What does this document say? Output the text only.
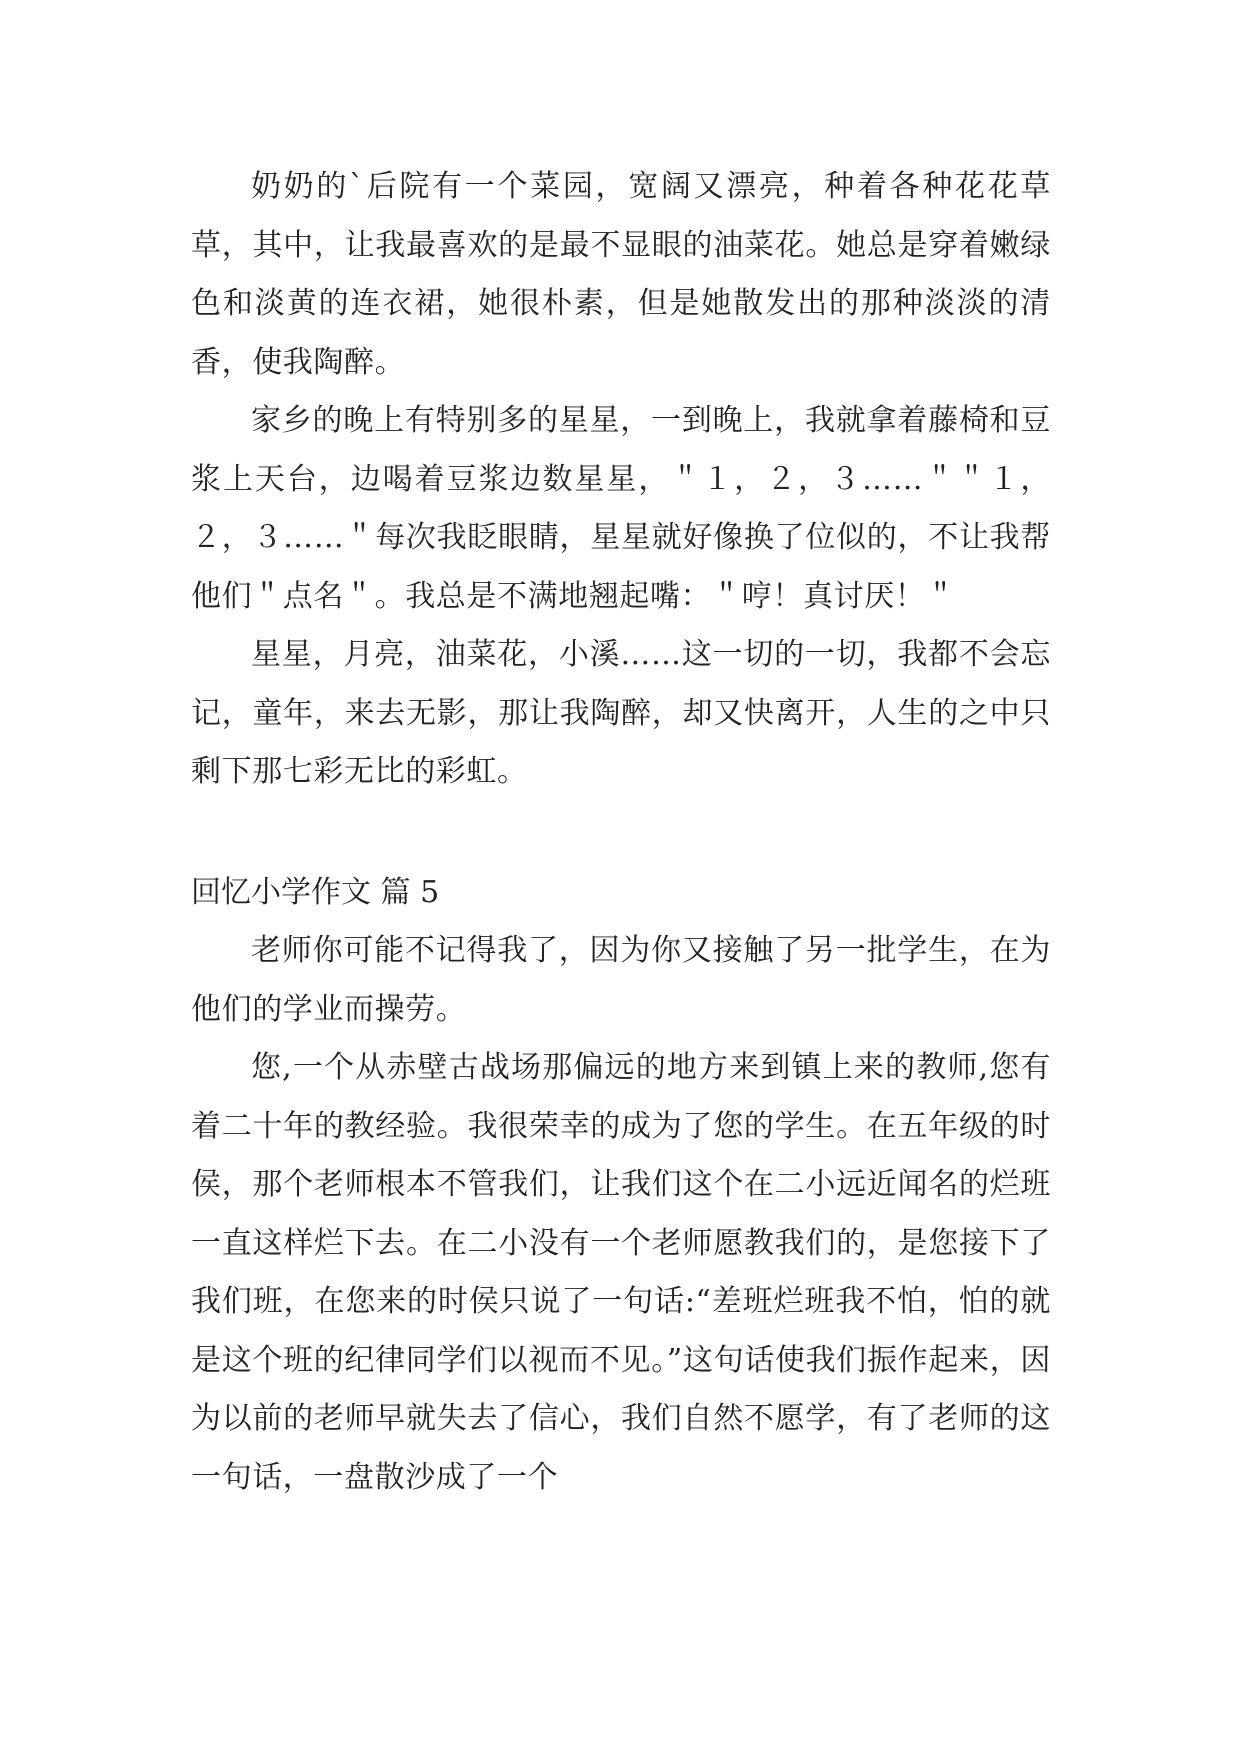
奶奶的`后院有一个菜园，宽阔又漂亮，种着各种花花草草，其中，让我最喜欢的是最不显眼的油菜花。她总是穿着嫩绿色和淡黄的连衣裙，她很朴素，但是她散发出的那种淡淡的清香，使我陶醉。

家乡的晚上有特别多的星星，一到晚上，我就拿着藤椅和豆浆上天台，边喝着豆浆边数星星，＂１，２，３……＂＂１，２，３……＂每次我眨眼睛，星星就好像换了位似的，不让我帮他们＂点名＂。我总是不满地翘起嘴：＂哼！真讨厌！＂

星星，月亮，油菜花，小溪……这一切的一切，我都不会忘记，童年，来去无影，那让我陶醉，却又快离开，人生的之中只剩下那七彩无比的彩虹。

回忆小学作文 篇 5

老师你可能不记得我了，因为你又接触了另一批学生，在为他们的学业而操劳。

您,一个从赤壁古战场那偏远的地方来到镇上来的教师,您有着二十年的教经验。我很荣幸的成为了您的学生。在五年级的时侯，那个老师根本不管我们，让我们这个在二小远近闻名的烂班一直这样烂下去。在二小没有一个老师愿教我们的，是您接下了我们班，在您来的时侯只说了一句话:“差班烂班我不怕，怕的就是这个班的纪律同学们以视而不见。”这句话使我们振作起来，因为以前的老师早就失去了信心，我们自然不愿学，有了老师的这一句话，一盘散沙成了一个
